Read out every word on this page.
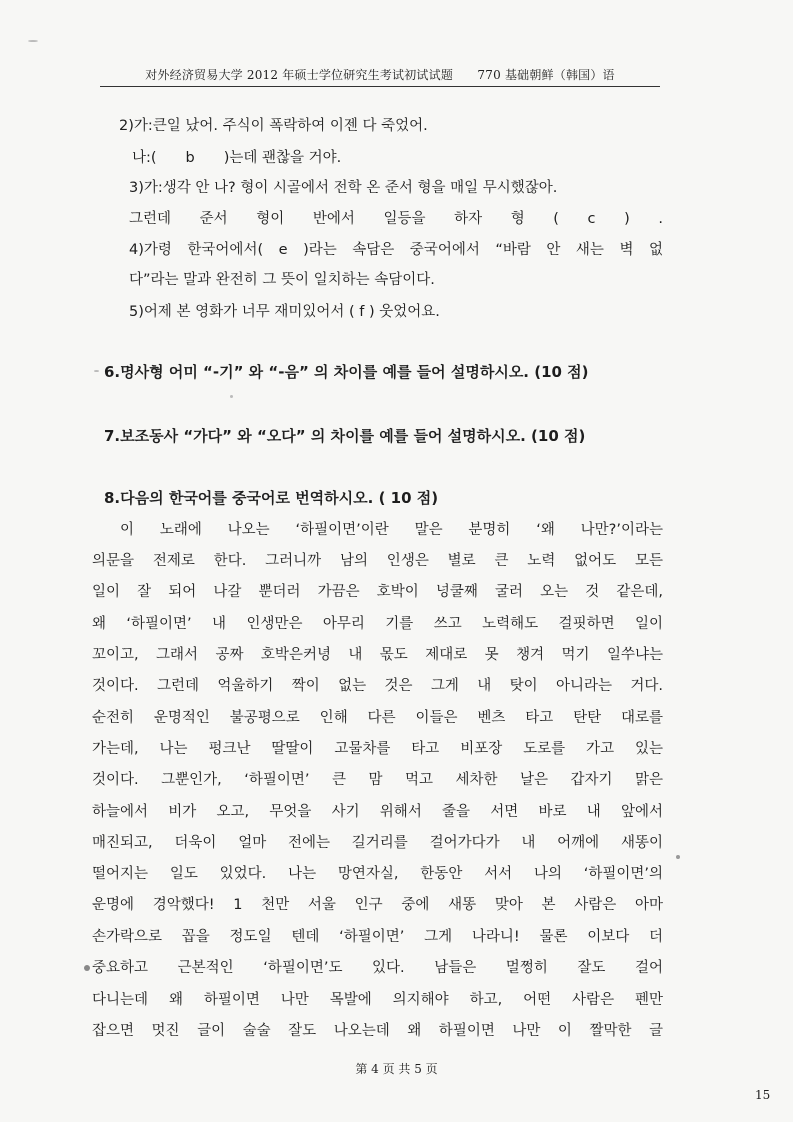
对外经济贸易大学 2012 年硕士学位研究生考试初试试题　　770 基础朝鲜（韩国）语
2)가:큰일 났어. 주식이 폭락하여 이젠 다 죽었어.
나:(　　b　　)는데 괜찮을 거야.
3)가:생각 안 나? 형이 시골에서 전학 온 준서 형을 매일 무시했잖아.
그런데 준서 형이 반에서 일등을 하자 형 ( c ) .
4)가령 한국어에서( e )라는 속담은 중국어에서 “바람 안 새는 벽 없
다”라는 말과 완전히 그 뜻이 일치하는 속담이다.
5)어제 본 영화가 너무 재미있어서 ( f ) 웃었어요.
6.명사형 어미 “-기” 와 “-음” 의 차이를 예를 들어 설명하시오. (10 점)
7.보조동사 “가다” 와 “오다” 의 차이를 예를 들어 설명하시오. (10 점)
8.다음의 한국어를 중국어로 번역하시오. ( 10 점)
이 노래에 나오는 ‘하필이면’이란 말은 분명히 ‘왜 나만?’이라는
의문을 전제로 한다. 그러니까 남의 인생은 별로 큰 노력 없어도 모든
일이 잘 되어 나갈 뿐더러 가끔은 호박이 넝쿨째 굴러 오는 것 같은데,
왜 ‘하필이면’ 내 인생만은 아무리 기를 쓰고 노력해도 걸핏하면 일이
꼬이고, 그래서 공짜 호박은커녕 내 몫도 제대로 못 챙겨 먹기 일쑤냐는
것이다. 그런데 억울하기 짝이 없는 것은 그게 내 탓이 아니라는 거다.
순전히 운명적인 불공평으로 인해 다른 이들은 벤츠 타고 탄탄 대로를
가는데, 나는 펑크난 딸딸이 고물차를 타고 비포장 도로를 가고 있는
것이다. 그뿐인가, ‘하필이면’ 큰 맘 먹고 세차한 날은 갑자기 맑은
하늘에서 비가 오고, 무엇을 사기 위해서 줄을 서면 바로 내 앞에서
매진되고, 더욱이 얼마 전에는 길거리를 걸어가다가 내 어깨에 새똥이
떨어지는 일도 있었다. 나는 망연자실, 한동안 서서 나의 ‘하필이면’의
운명에 경악했다! 1 천만 서울 인구 중에 새똥 맞아 본 사람은 아마
손가락으로 꼽을 정도일 텐데 ‘하필이면’ 그게 나라니! 물론 이보다 더
중요하고 근본적인 ‘하필이면’도 있다. 남들은 멀쩡히 잘도 걸어
다니는데 왜 하필이면 나만 목발에 의지해야 하고, 어떤 사람은 펜만
잡으면 멋진 글이 술술 잘도 나오는데 왜 하필이면 나만 이 짤막한 글
第 4 页 共 5 页
15
